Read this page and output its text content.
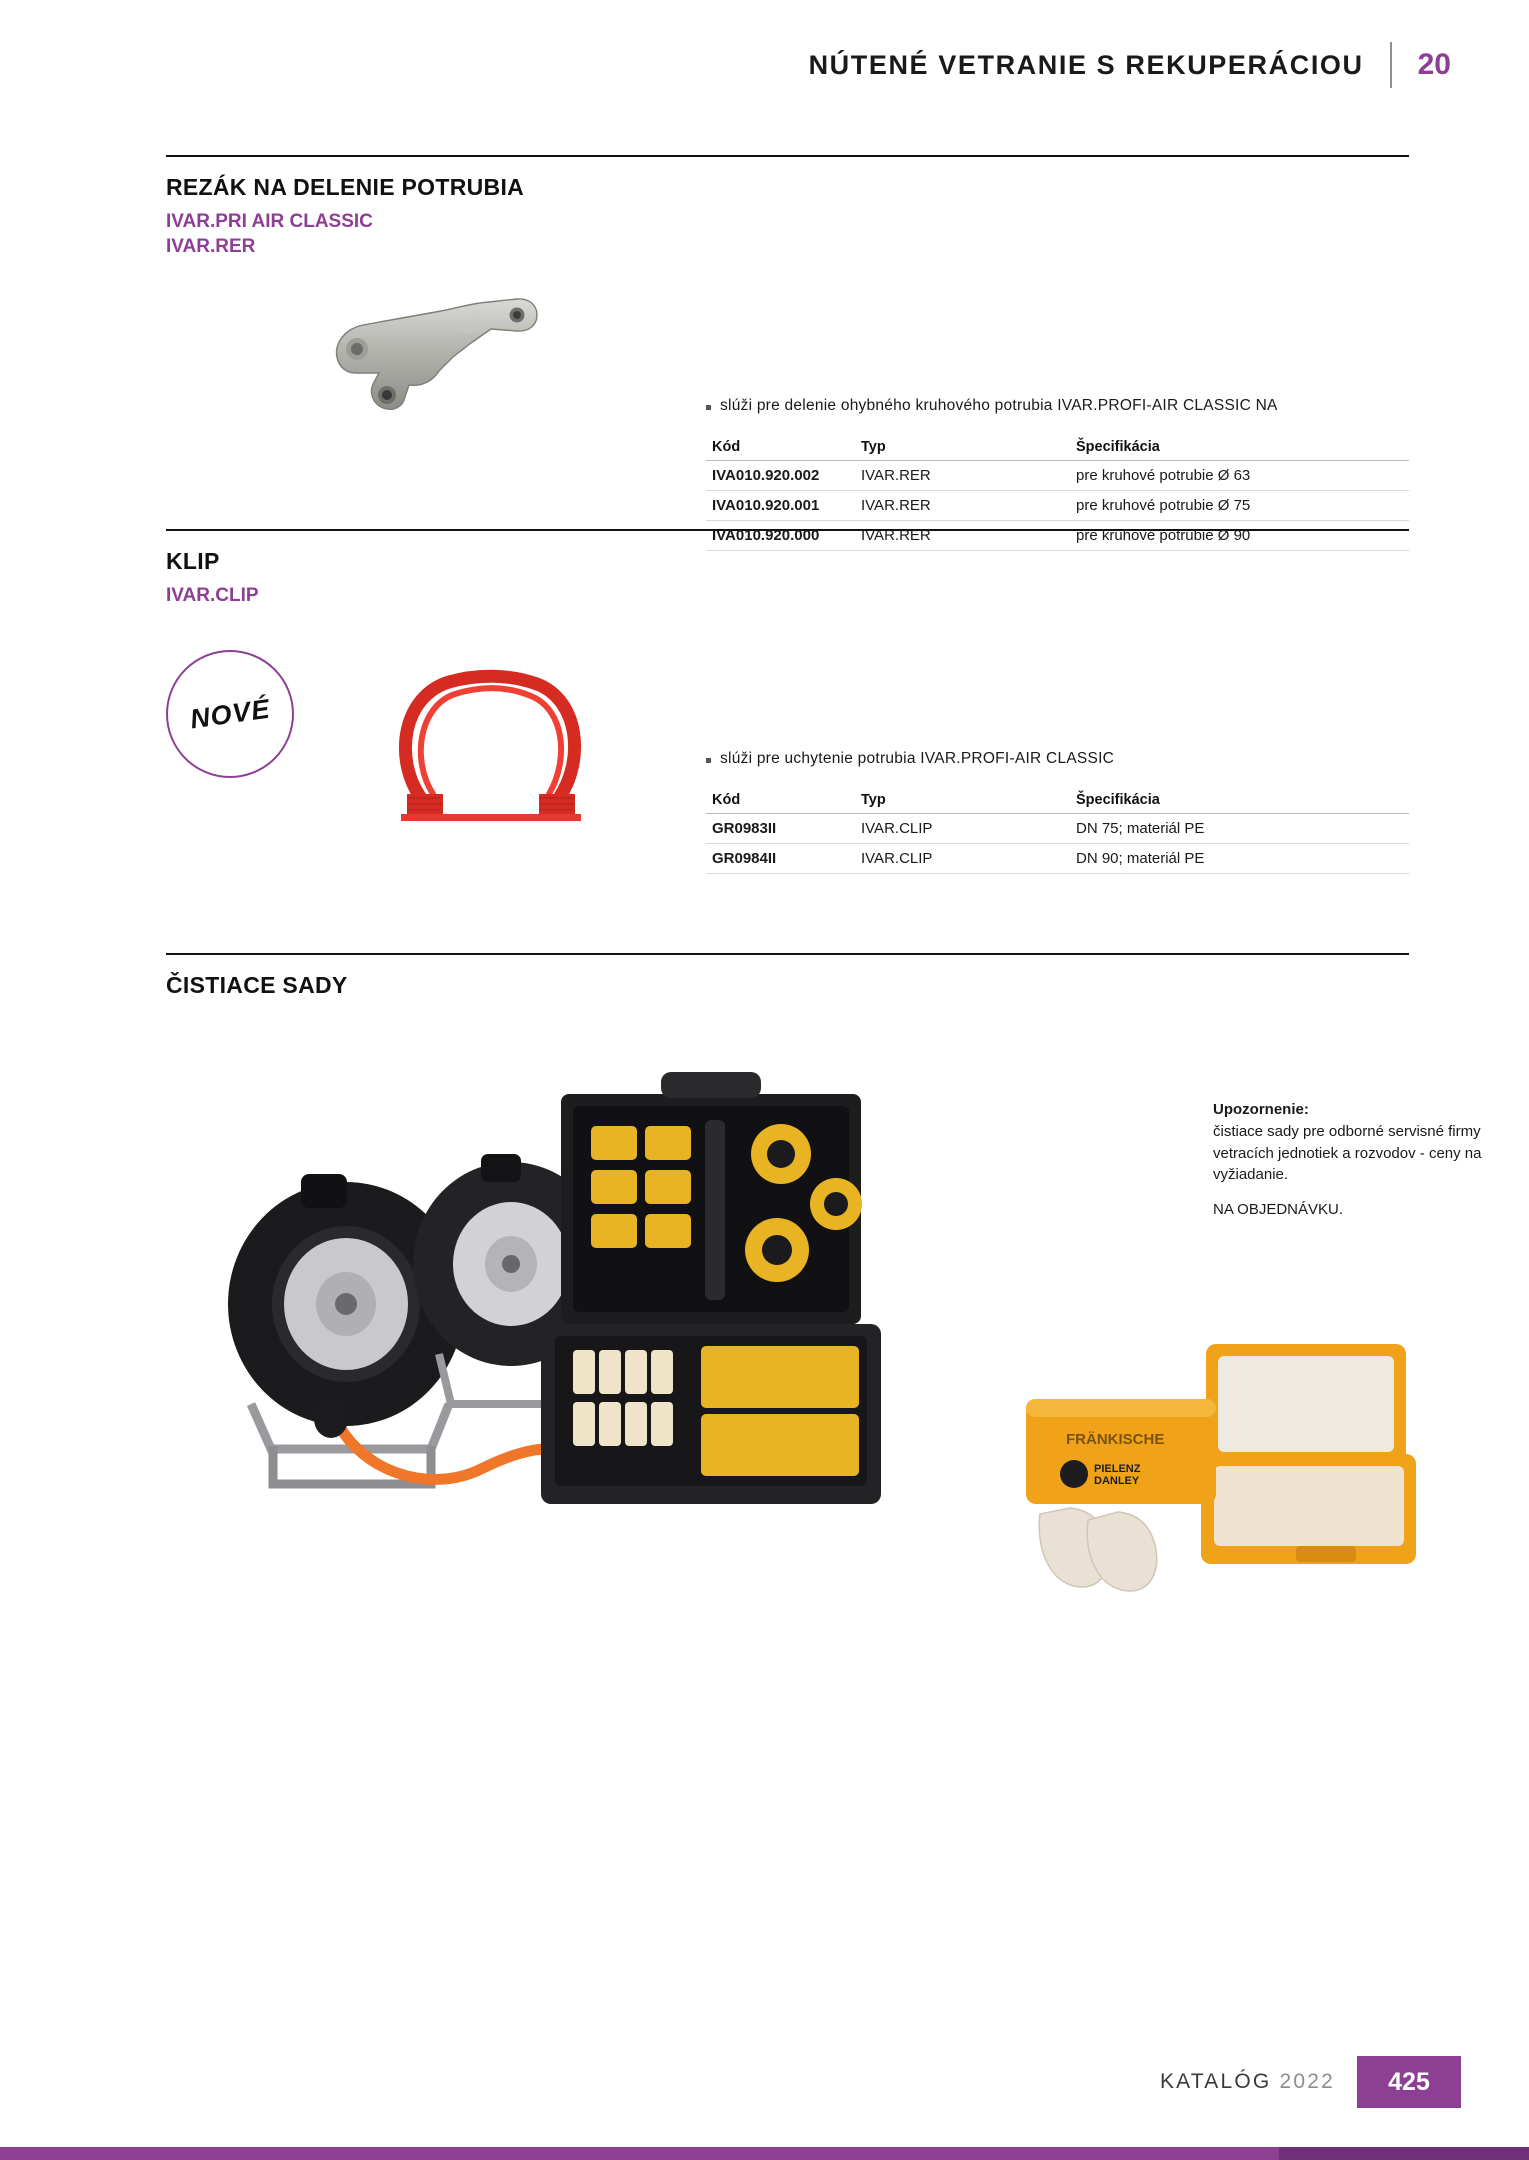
NÚTENÉ VETRANIE S REKUPERÁCIOU	20
REZÁK NA DELENIE POTRUBIA
IVAR.PRI AIR CLASSIC
IVAR.RER
slúži pre delenie ohybného kruhového potrubia IVAR.PROFI-AIR CLASSIC NA
Kód	Typ	Špecifikácia
IVA010.920.002	IVAR.RER	pre kruhové potrubie Ø 63
IVA010.920.001	IVAR.RER	pre kruhové potrubie Ø 75
IVA010.920.000	IVAR.RER	pre kruhové potrubie Ø 90
KLIP
IVAR.CLIP
NOVÉ
slúži pre uchytenie potrubia IVAR.PROFI-AIR CLASSIC
Kód	Typ	Špecifikácia
GR0983II	IVAR.CLIP	DN 75; materiál PE
GR0984II	IVAR.CLIP	DN 90; materiál PE
ČISTIACE SADY
FRÄNKISCHE
PIELENZ
DANLEY
Upozornenie:
čistiace sady pre odborné servisné firmy vetracích jednotiek a rozvodov - ceny na vyžiadanie.
NA OBJEDNÁVKU.
KATALÓG 2022	425
